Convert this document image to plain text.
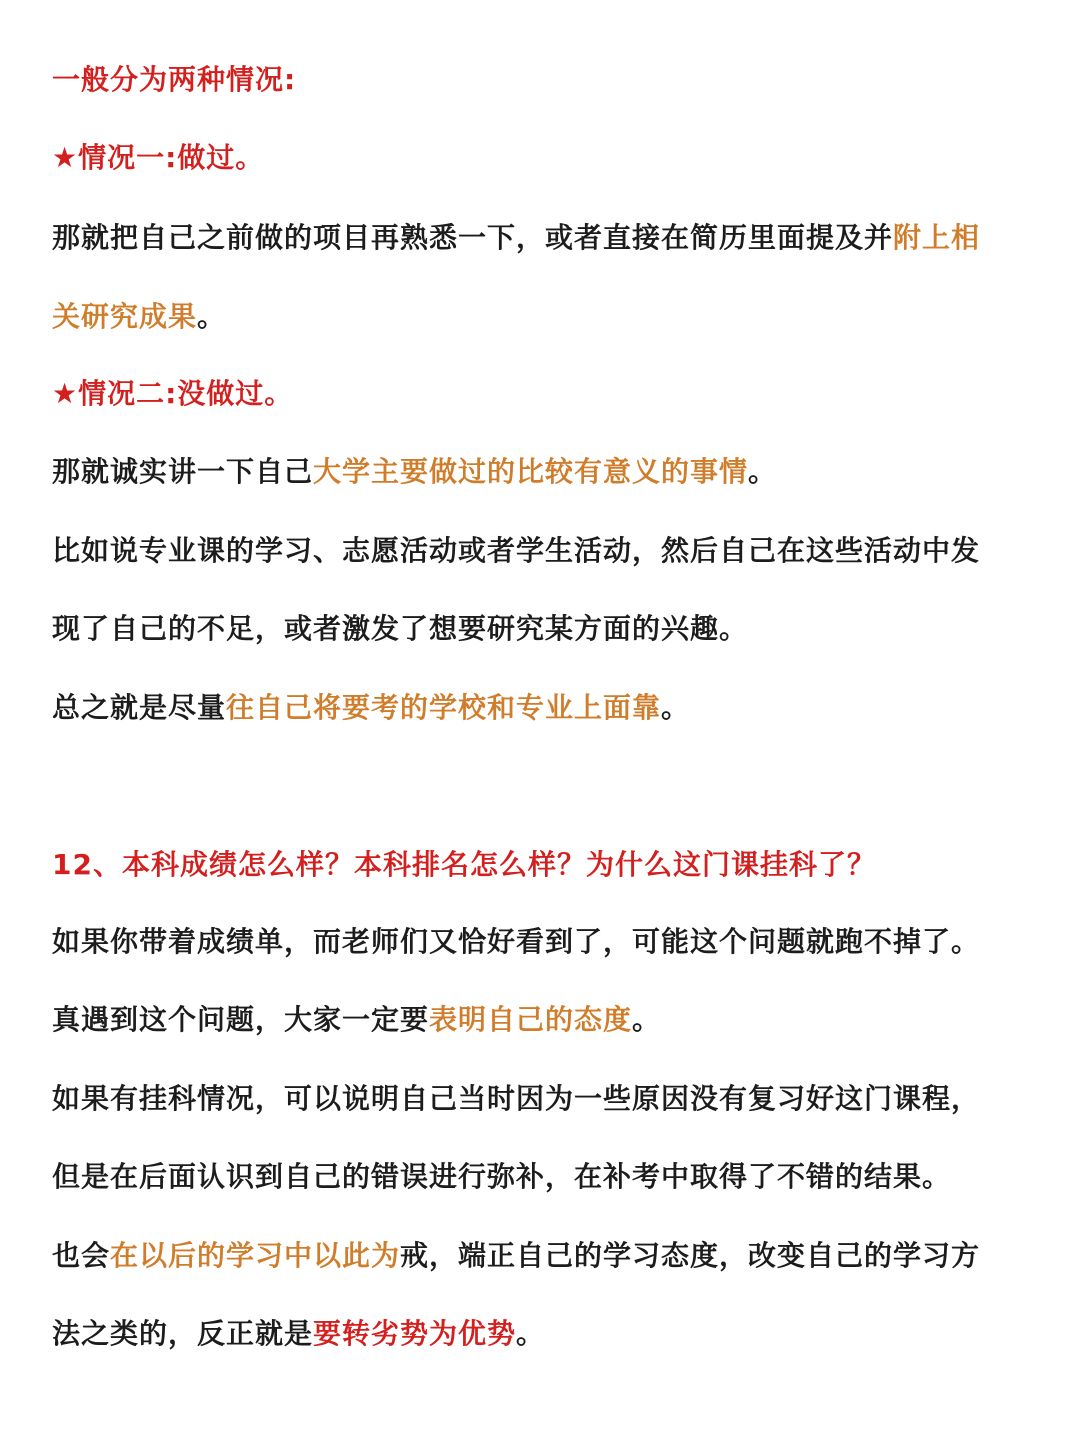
一般分为两种情况:
★情况一:做过。
那就把自己之前做的项目再熟悉一下，或者直接在简历里面提及并附上相
关研究成果。
★情况二:没做过。
那就诚实讲一下自己大学主要做过的比较有意义的事情。
比如说专业课的学习、志愿活动或者学生活动，然后自己在这些活动中发
现了自己的不足，或者激发了想要研究某方面的兴趣。
总之就是尽量往自己将要考的学校和专业上面靠。
12、本科成绩怎么样？本科排名怎么样？为什么这门课挂科了？
如果你带着成绩单，而老师们又恰好看到了，可能这个问题就跑不掉了。
真遇到这个问题，大家一定要表明自己的态度。
如果有挂科情况，可以说明自己当时因为一些原因没有复习好这门课程，
但是在后面认识到自己的错误进行弥补，在补考中取得了不错的结果。
也会在以后的学习中以此为戒，端正自己的学习态度，改变自己的学习方
法之类的，反正就是要转劣势为优势。
